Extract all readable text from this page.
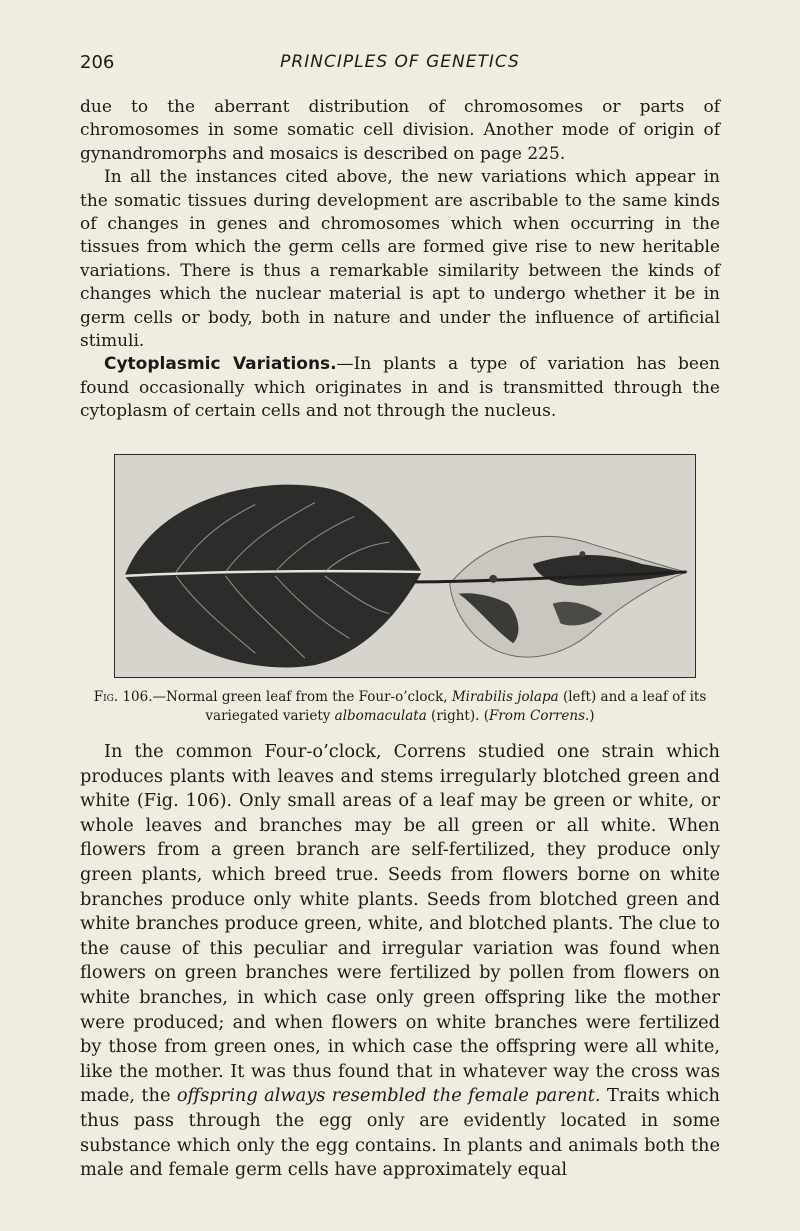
206	PRINCIPLES OF GENETICS

due to the aberrant distribution of chromosomes or parts of chromosomes in some somatic cell division. Another mode of origin of gynandromorphs and mosaics is described on page 225.

In all the instances cited above, the new variations which appear in the somatic tissues during development are ascribable to the same kinds of changes in genes and chromosomes which when occurring in the tissues from which the germ cells are formed give rise to new heritable variations. There is thus a remarkable similarity between the kinds of changes which the nuclear material is apt to undergo whether it be in germ cells or body, both in nature and under the influence of artificial stimuli.

Cytoplasmic Variations.—In plants a type of variation has been found occasionally which originates in and is transmitted through the cytoplasm of certain cells and not through the nucleus.

Fig. 106.—Normal green leaf from the Four-o’clock, Mirabilis jolapa (left) and a leaf of its variegated variety albomaculata (right). (From Correns.)

In the common Four-o’clock, Correns studied one strain which produces plants with leaves and stems irregularly blotched green and white (Fig. 106). Only small areas of a leaf may be green or white, or whole leaves and branches may be all green or all white. When flowers from a green branch are self-fertilized, they produce only green plants, which breed true. Seeds from flowers borne on white branches produce only white plants. Seeds from blotched green and white branches produce green, white, and blotched plants. The clue to the cause of this peculiar and irregular variation was found when flowers on green branches were fertilized by pollen from flowers on white branches, in which case only green offspring like the mother were produced; and when flowers on white branches were fertilized by those from green ones, in which case the offspring were all white, like the mother. It was thus found that in whatever way the cross was made, the offspring always resembled the female parent. Traits which thus pass through the egg only are evidently located in some substance which only the egg contains. In plants and animals both the male and female germ cells have approximately equal
